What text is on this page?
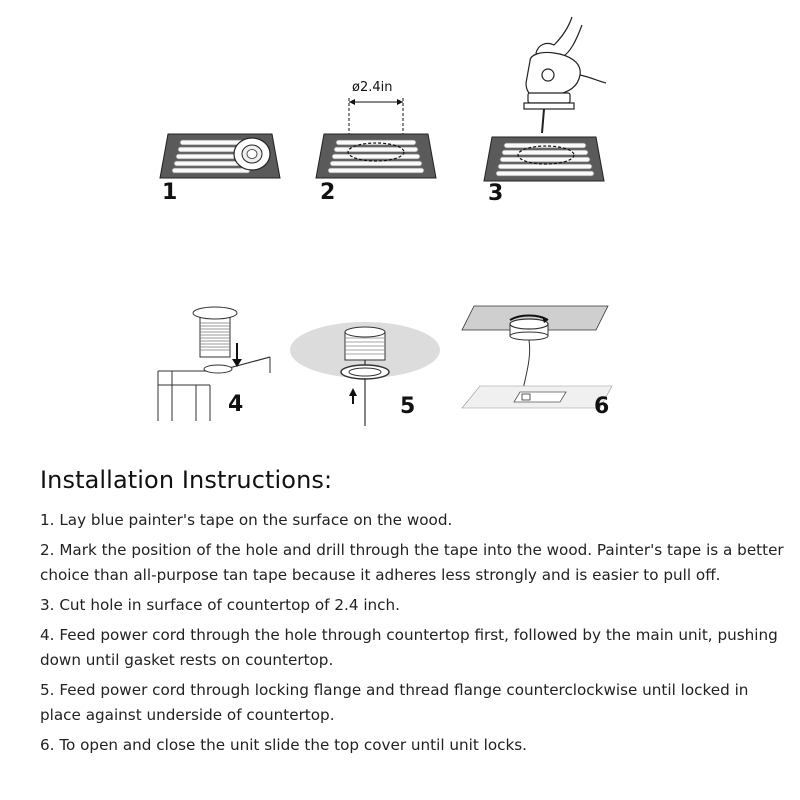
1
ø2.4in
2	3
4	5	6
Installation Instructions:
1. Lay blue painter's tape on the surface on the wood.
2. Mark the position of the hole and drill through the tape into the wood. Painter's tape is a better choice than all-purpose tan tape because it adheres less strongly and is easier to pull off.
3. Cut hole in surface of countertop of 2.4 inch.
4. Feed power cord through the hole through countertop first, followed by the main unit, pushing down until gasket rests on countertop.
5. Feed power cord through locking flange and thread flange counterclockwise until locked in place against underside of countertop.
6. To open and close the unit slide the top cover until unit locks.
